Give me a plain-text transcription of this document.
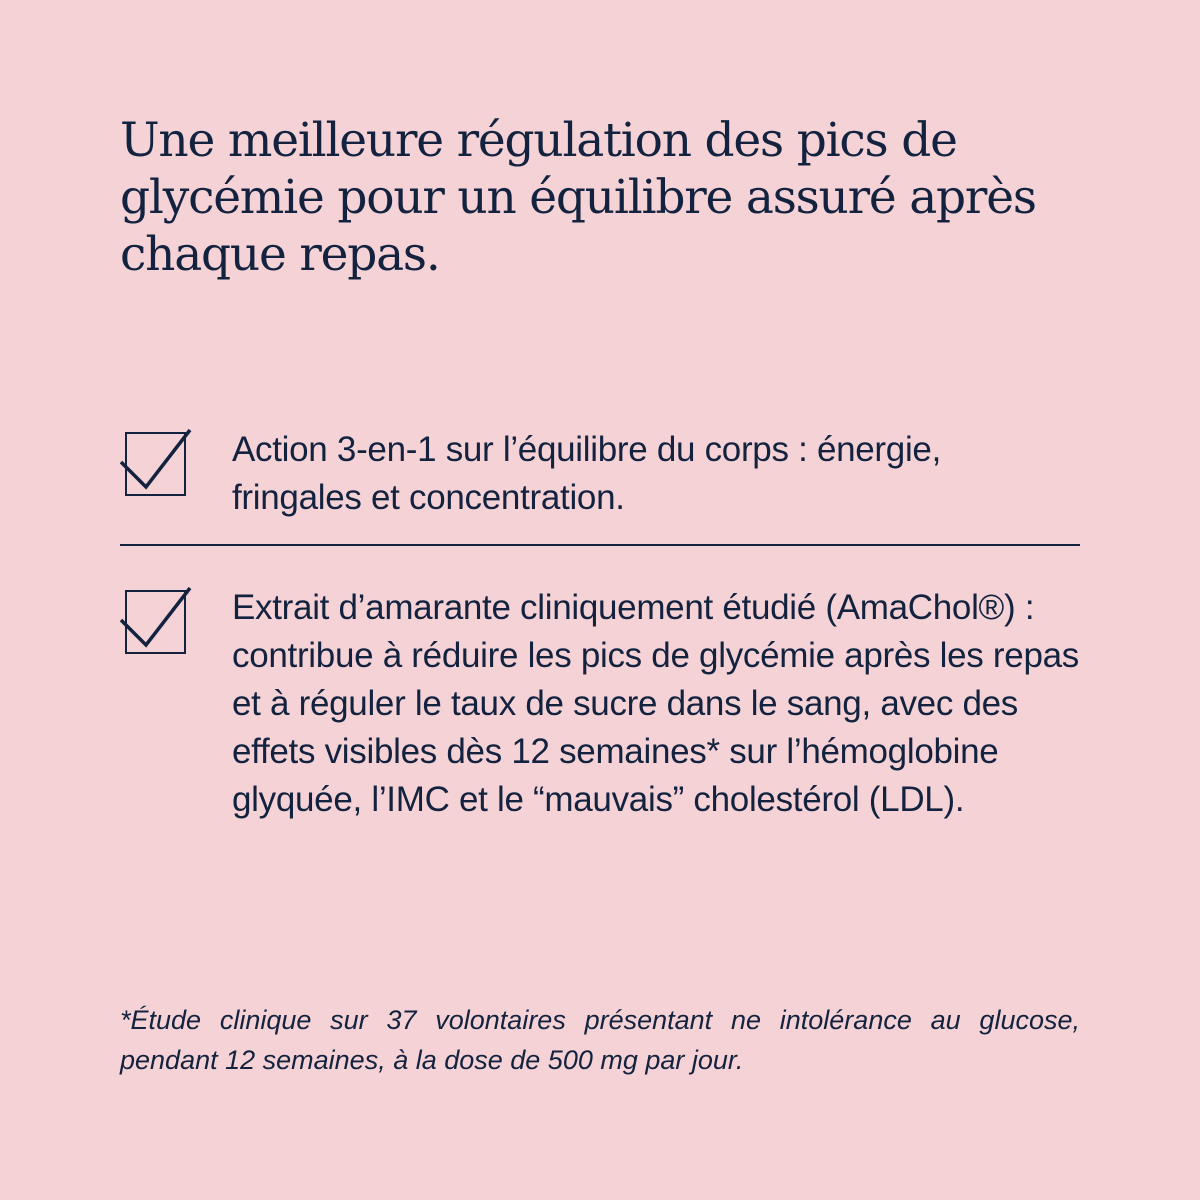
Une meilleure régulation des pics de glycémie pour un équilibre assuré après chaque repas.

Action 3-en-1 sur l’équilibre du corps : énergie, fringales et concentration.

Extrait d’amarante cliniquement étudié (AmaChol®) : contribue à réduire les pics de glycémie après les repas et à réguler le taux de sucre dans le sang, avec des effets visibles dès 12 semaines* sur l’hémoglobine glyquée, l’IMC et le “mauvais” cholestérol (LDL).

*Étude clinique sur 37 volontaires présentant ne intolérance au glucose, pendant 12 semaines, à la dose de 500 mg par jour.
